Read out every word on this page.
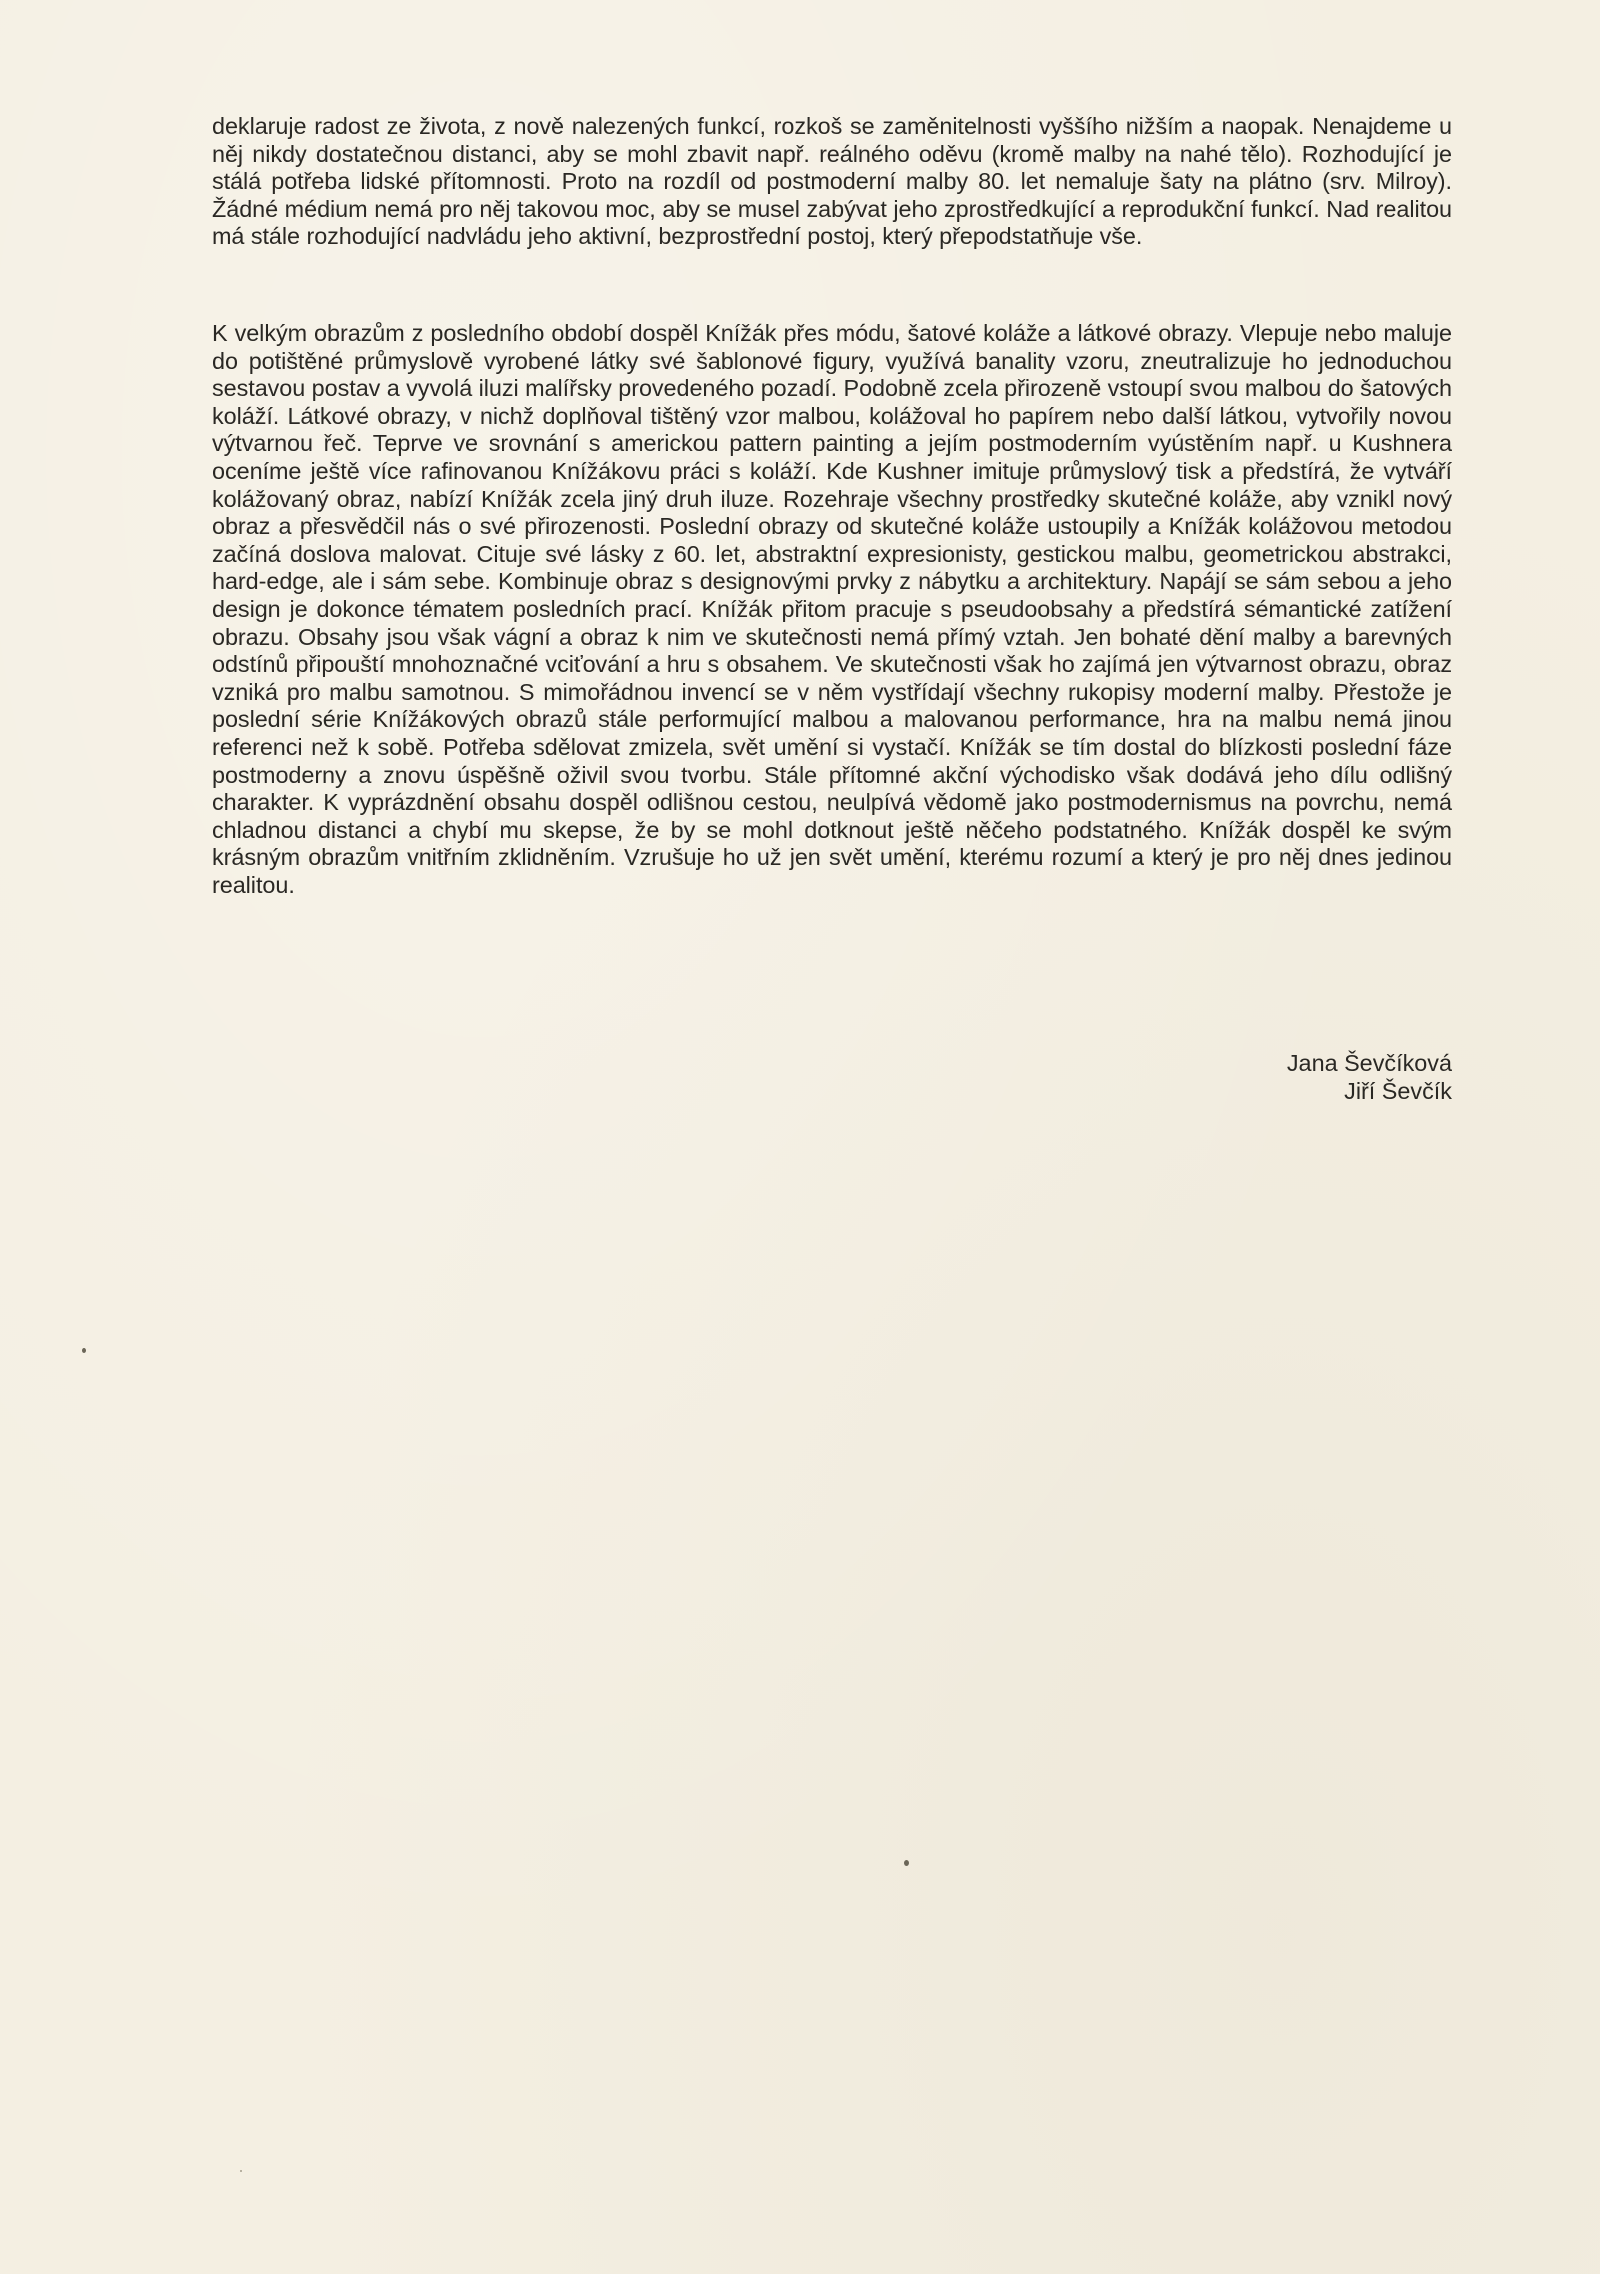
deklaruje radost ze života, z nově nalezených funkcí, rozkoš se zaměnitelnosti vyššího nižším a naopak. Nenajdeme u něj nikdy dostatečnou distanci, aby se mohl zbavit např. reálného oděvu (kromě malby na nahé tělo). Rozhodující je stálá potřeba lidské přítomnosti. Proto na rozdíl od postmoderní malby 80. let nemaluje šaty na plátno (srv. Milroy). Žádné médium nemá pro něj takovou moc, aby se musel zabývat jeho zprostředkující a reprodukční funkcí. Nad realitou má stále rozhodující nadvládu jeho aktivní, bezprostřední postoj, který přepodstatňuje vše.

K velkým obrazům z posledního období dospěl Knížák přes módu, šatové koláže a látkové obrazy. Vlepuje nebo maluje do potištěné průmyslově vyrobené látky své šablonové figury, využívá banality vzoru, zneutralizuje ho jednoduchou sestavou postav a vyvolá iluzi malířsky provedeného pozadí. Podobně zcela přirozeně vstoupí svou malbou do šatových koláží. Látkové obrazy, v nichž doplňoval tištěný vzor malbou, kolážoval ho papírem nebo další látkou, vytvořily novou výtvarnou řeč. Teprve ve srovnání s americkou pattern painting a jejím postmoderním vyústěním např. u Kushnera oceníme ještě více rafinovanou Knížákovu práci s koláží. Kde Kushner imituje průmyslový tisk a předstírá, že vytváří kolážovaný obraz, nabízí Knížák zcela jiný druh iluze. Rozehraje všechny prostředky skutečné koláže, aby vznikl nový obraz a přesvědčil nás o své přirozenosti. Poslední obrazy od skutečné koláže ustoupily a Knížák kolážovou metodou začíná doslova malovat. Cituje své lásky z 60. let, abstraktní expresionisty, gestickou malbu, geometrickou abstrakci, hard-edge, ale i sám sebe. Kombinuje obraz s designovými prvky z nábytku a architektury. Napájí se sám sebou a jeho design je dokonce tématem posledních prací. Knížák přitom pracuje s pseudoobsahy a předstírá sémantické zatížení obrazu. Obsahy jsou však vágní a obraz k nim ve skutečnosti nemá přímý vztah. Jen bohaté dění malby a barevných odstínů připouští mnohoznačné vciťování a hru s obsahem. Ve skutečnosti však ho zajímá jen výtvarnost obrazu, obraz vzniká pro malbu samotnou. S mimořádnou invencí se v něm vystřídají všechny rukopisy moderní malby. Přestože je poslední série Knížákových obrazů stále performující malbou a malovanou performance, hra na malbu nemá jinou referenci než k sobě. Potřeba sdělovat zmizela, svět umění si vystačí. Knížák se tím dostal do blízkosti poslední fáze postmoderny a znovu úspěšně oživil svou tvorbu. Stále přítomné akční východisko však dodává jeho dílu odlišný charakter. K vyprázdnění obsahu dospěl odlišnou cestou, neulpívá vědomě jako postmodernismus na povrchu, nemá chladnou distanci a chybí mu skepse, že by se mohl dotknout ještě něčeho podstatného. Knížák dospěl ke svým krásným obrazům vnitřním zklidněním. Vzrušuje ho už jen svět umění, kterému rozumí a který je pro něj dnes jedinou realitou.

Jana Ševčíková
Jiří Ševčík
